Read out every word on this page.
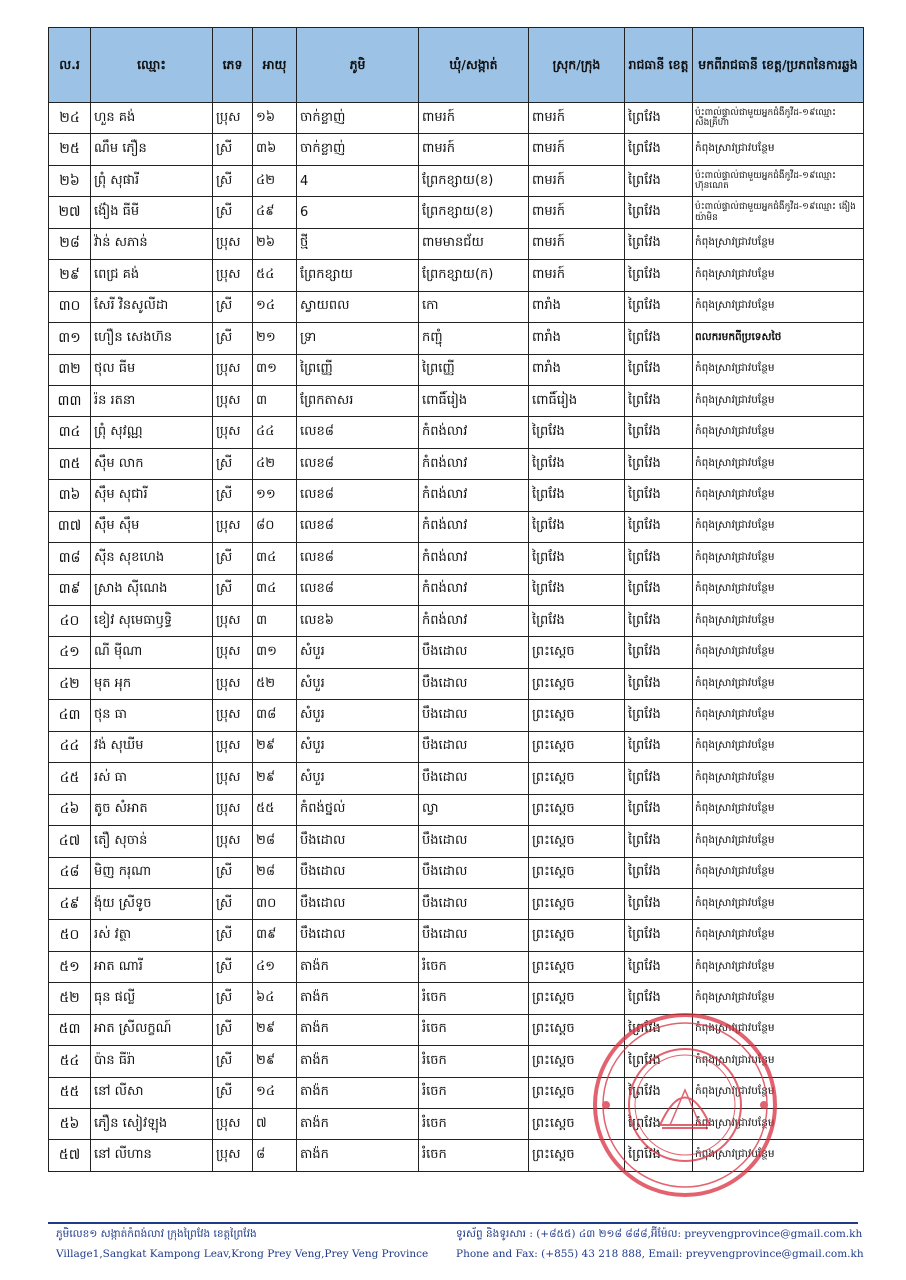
ល.រ	ឈ្មោះ	ភេទ	អាយុ	ភូមិ	ឃុំ/សង្កាត់	ស្រុក/ក្រុង	រាជធានី ខេត្ត	មកពីរាជធានី ខេត្ត/ប្រភពនៃការឆ្លង
២៤	ហួន គង់	ប្រុស	១៦	ចាក់ខ្លាញ់	ពាមរក៍	ពាមរក៍	ព្រៃវែង	ប៉ះពាល់ផ្ទាល់ជាមួយអ្នកជំងឺកូវីដ-១៩ឈ្មោះ សឹងគ្រីហ៊ា
២៥	ណឹម ភឿន	ស្រី	៣៦	ចាក់ខ្លាញ់	ពាមរក៍	ពាមរក៍	ព្រៃវែង	កំពុងស្រាវជ្រាវបន្ថែម
២៦	ព្រុំ សុផារី	ស្រី	៤២	4	ព្រែកខ្សាយ(ខ)	ពាមរក៍	ព្រៃវែង	ប៉ះពាល់ផ្ទាល់ជាមួយអ្នកជំងឺកូវីដ-១៩ឈ្មោះ ហ៊ុនណេត
២៧	ង៉ៀង ធីមី	ស្រី	៤៩	6	ព្រែកខ្សាយ(ខ)	ពាមរក៍	ព្រៃវែង	ប៉ះពាល់ផ្ទាល់ជាមួយអ្នកជំងឺកូវីដ-១៩ឈ្មោះ ង៉ៀង យ៉ាមិន
២៨	វ៉ាន់ សភាន់	ប្រុស	២៦	ថ្មី	ពាមមានជ័យ	ពាមរក៍	ព្រៃវែង	កំពុងស្រាវជ្រាវបន្ថែម
២៩	ពេជ្រ គង់	ប្រុស	៥៤	ព្រែកខ្សាយ	ព្រែកខ្សាយ(ក)	ពាមរក៍	ព្រៃវែង	កំពុងស្រាវជ្រាវបន្ថែម
៣០	សែរី វិនសូលីដា	ស្រី	១៤	ស្វាយពល	កោ	ពារាំង	ព្រៃវែង	កំពុងស្រាវជ្រាវបន្ថែម
៣១	ហឿន សេងហ៊ន	ស្រី	២១	ទ្រា	កញ្ជុំ	ពារាំង	ព្រៃវែង	ពលករមកពីប្រទេសថៃ
៣២	ថុល ធីម	ប្រុស	៣១	ព្រៃញ្ញើ	ព្រៃញ្ញើ	ពារាំង	ព្រៃវែង	កំពុងស្រាវជ្រាវបន្ថែម
៣៣	រ៉ន រតនា	ប្រុស	៣	ព្រែកតាសរ	ពោធិ៍រៀង	ពោធិ៍រៀង	ព្រៃវែង	កំពុងស្រាវជ្រាវបន្ថែម
៣៤	ព្រុំ សុវណ្ណ	ប្រុស	៤៤	លេខ៨	កំពង់លាវ	ព្រៃវែង	ព្រៃវែង	កំពុងស្រាវជ្រាវបន្ថែម
៣៥	ស៊ឹម លាក	ស្រី	៤២	លេខ៨	កំពង់លាវ	ព្រៃវែង	ព្រៃវែង	កំពុងស្រាវជ្រាវបន្ថែម
៣៦	ស៊ឹម សុជារី	ស្រី	១១	លេខ៨	កំពង់លាវ	ព្រៃវែង	ព្រៃវែង	កំពុងស្រាវជ្រាវបន្ថែម
៣៧	ស៊ឹម ស៊ឹម	ប្រុស	៨០	លេខ៨	កំពង់លាវ	ព្រៃវែង	ព្រៃវែង	កំពុងស្រាវជ្រាវបន្ថែម
៣៨	ស៊ីន សុខហេង	ស្រី	៣៤	លេខ៨	កំពង់លាវ	ព្រៃវែង	ព្រៃវែង	កំពុងស្រាវជ្រាវបន្ថែម
៣៩	ស្រាង ស៊ីណេង	ស្រី	៣៤	លេខ៨	កំពង់លាវ	ព្រៃវែង	ព្រៃវែង	កំពុងស្រាវជ្រាវបន្ថែម
៤០	ខៀវ សុមេធាឫទ្ធិ	ប្រុស	៣	លេខ៦	កំពង់លាវ	ព្រៃវែង	ព្រៃវែង	កំពុងស្រាវជ្រាវបន្ថែម
៤១	ណី ម៉ីណា	ប្រុស	៣១	សំបួរ	បឹងដោល	ព្រះស្ដេច	ព្រៃវែង	កំពុងស្រាវជ្រាវបន្ថែម
៤២	មុត អុក	ប្រុស	៥២	សំបួរ	បឹងដោល	ព្រះស្ដេច	ព្រៃវែង	កំពុងស្រាវជ្រាវបន្ថែម
៤៣	ថុន ធា	ប្រុស	៣៨	សំបួរ	បឹងដោល	ព្រះស្ដេច	ព្រៃវែង	កំពុងស្រាវជ្រាវបន្ថែម
៤៤	វង់ សុឃីម	ប្រុស	២៩	សំបួរ	បឹងដោល	ព្រះស្ដេច	ព្រៃវែង	កំពុងស្រាវជ្រាវបន្ថែម
៤៥	រស់ ធា	ប្រុស	២៩	សំបួរ	បឹងដោល	ព្រះស្ដេច	ព្រៃវែង	កំពុងស្រាវជ្រាវបន្ថែម
៤៦	តូច សំអាត	ប្រុស	៥៥	កំពង់ថ្នល់	ល្វា	ព្រះស្ដេច	ព្រៃវែង	កំពុងស្រាវជ្រាវបន្ថែម
៤៧	តឿ សុចាន់	ប្រុស	២៨	បឹងដោល	បឹងដោល	ព្រះស្ដេច	ព្រៃវែង	កំពុងស្រាវជ្រាវបន្ថែម
៤៨	មិញ ករុណា	ស្រី	២៨	បឹងដោល	បឹងដោល	ព្រះស្ដេច	ព្រៃវែង	កំពុងស្រាវជ្រាវបន្ថែម
៤៩	ង៉ុយ ស្រីទូច	ស្រី	៣០	បឹងដោល	បឹងដោល	ព្រះស្ដេច	ព្រៃវែង	កំពុងស្រាវជ្រាវបន្ថែម
៥០	រស់ វត្ថា	ស្រី	៣៩	បឹងដោល	បឹងដោល	ព្រះស្ដេច	ព្រៃវែង	កំពុងស្រាវជ្រាវបន្ថែម
៥១	អាត ណារី	ស្រី	៤១	តាង៉ក	រំចេក	ព្រះស្ដេច	ព្រៃវែង	កំពុងស្រាវជ្រាវបន្ថែម
៥២	ធុន ផល្លី	ស្រី	៦៤	តាង៉ក	រំចេក	ព្រះស្ដេច	ព្រៃវែង	កំពុងស្រាវជ្រាវបន្ថែម
៥៣	អាត ស្រីលក្ខណ៍	ស្រី	២៩	តាង៉ក	រំចេក	ព្រះស្ដេច	ព្រៃវែង	កំពុងស្រាវជ្រាវបន្ថែម
៥៤	ប៉ាន ធីរ៉ា	ស្រី	២៩	តាង៉ក	រំចេក	ព្រះស្ដេច	ព្រៃវែង	កំពុងស្រាវជ្រាវបន្ថែម
៥៥	នៅ លីសា	ស្រី	១៤	តាង៉ក	រំចេក	ព្រះស្ដេច	ព្រៃវែង	កំពុងស្រាវជ្រាវបន្ថែម
៥៦	ភឿន សៀវឡុង	ប្រុស	៧	តាង៉ក	រំចេក	ព្រះស្ដេច	ព្រៃវែង	កំពុងស្រាវជ្រាវបន្ថែម
៥៧	នៅ លីហាន	ប្រុស	៨	តាង៉ក	រំចេក	ព្រះស្ដេច	ព្រៃវែង	កំពុងស្រាវជ្រាវបន្ថែម
ភូមិលេខ១ សង្កាត់កំពង់លាវ ក្រុងព្រៃវែង ខេត្តព្រៃវែង
Village1,Sangkat Kampong Leav,Krong Prey Veng,Prey Veng Province
ទូរស័ព្ទ និងទូរសារ : (+៨៥៥) ៤៣ ២១៨ ៨៨៨,អ៊ីម៉ែល: preyvengprovince@gmail.com.kh
Phone and Fax: (+855) 43 218 888, Email: preyvengprovince@gmail.com.kh
